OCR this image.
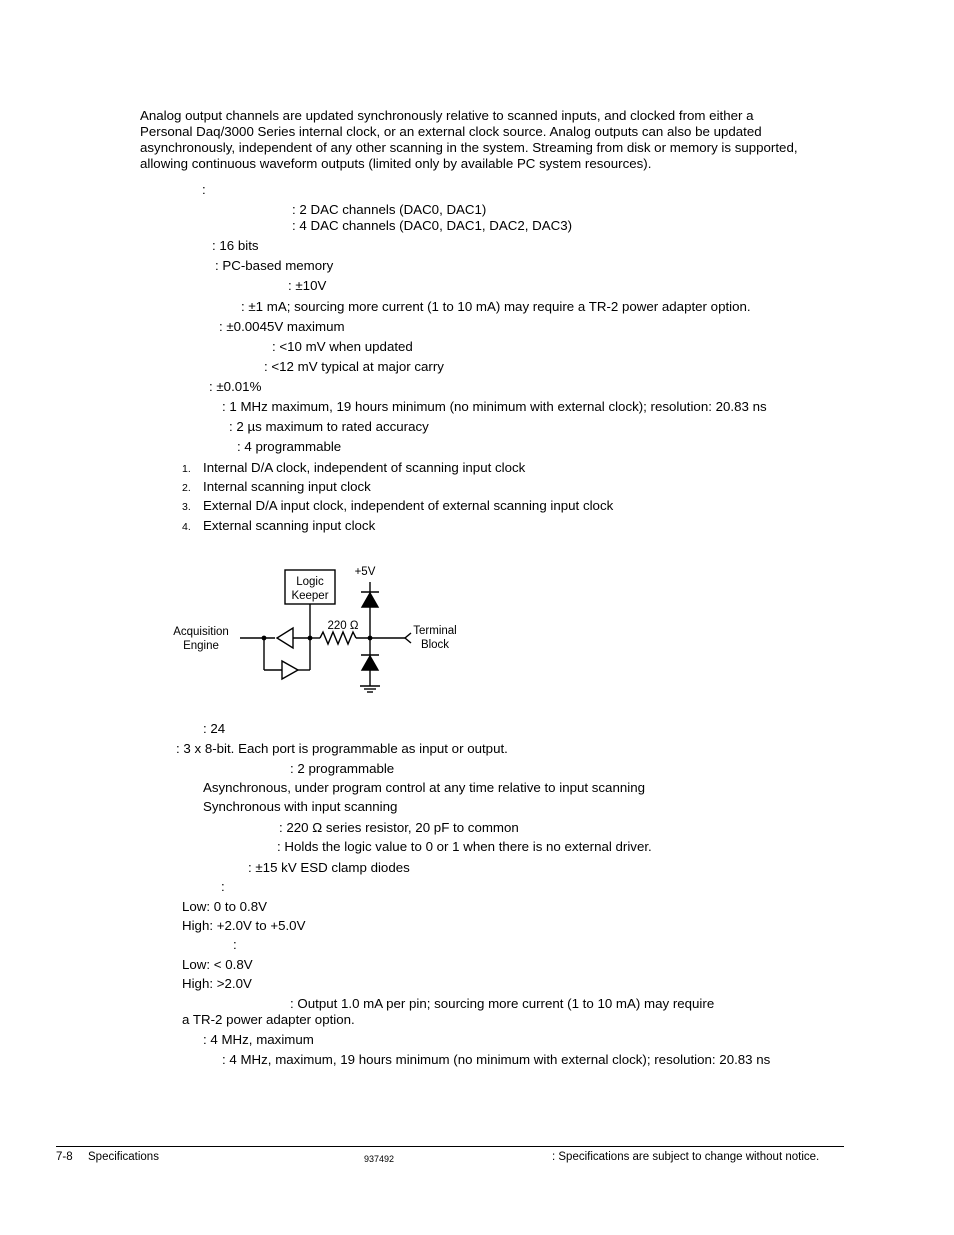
Analog output channels are updated synchronously relative to scanned inputs, and clocked from either a
Personal Daq/3000 Series internal clock, or an external clock source. Analog outputs can also be updated
asynchronously, independent of any other scanning in the system. Streaming from disk or memory is supported,
allowing continuous waveform outputs (limited only by available PC system resources).
:
: 2 DAC channels (DAC0, DAC1)
: 4 DAC channels (DAC0, DAC1, DAC2, DAC3)
: 16 bits
: PC-based memory
: ±10V
: ±1 mA; sourcing more current (1 to 10 mA) may require a TR-2 power adapter option.
: ±0.0045V maximum
: <10 mV when updated
: <12 mV typical at major carry
: ±0.01%
: 1 MHz maximum, 19 hours minimum (no minimum with external clock); resolution: 20.83 ns
: 2 µs maximum to rated accuracy
: 4 programmable
1. Internal D/A clock, independent of scanning input clock
2. Internal scanning input clock
3. External D/A input clock, independent of external scanning input clock
4. External scanning input clock
Logic
Keeper
+5V
220 Ω
Acquisition
Engine
Terminal
Block
: 24
: 3 x 8-bit. Each port is programmable as input or output.
: 2 programmable
Asynchronous, under program control at any time relative to input scanning
Synchronous with input scanning
: 220 Ω series resistor, 20 pF to common
: Holds the logic value to 0 or 1 when there is no external driver.
: ±15 kV ESD clamp diodes
:
Low: 0 to 0.8V
High: +2.0V to +5.0V
:
Low: < 0.8V
High: >2.0V
: Output 1.0 mA per pin; sourcing more current (1 to 10 mA) may require
a TR-2 power adapter option.
: 4 MHz, maximum
: 4 MHz, maximum, 19 hours minimum (no minimum with external clock); resolution: 20.83 ns
7-8 Specifications	937492	: Specifications are subject to change without notice.
